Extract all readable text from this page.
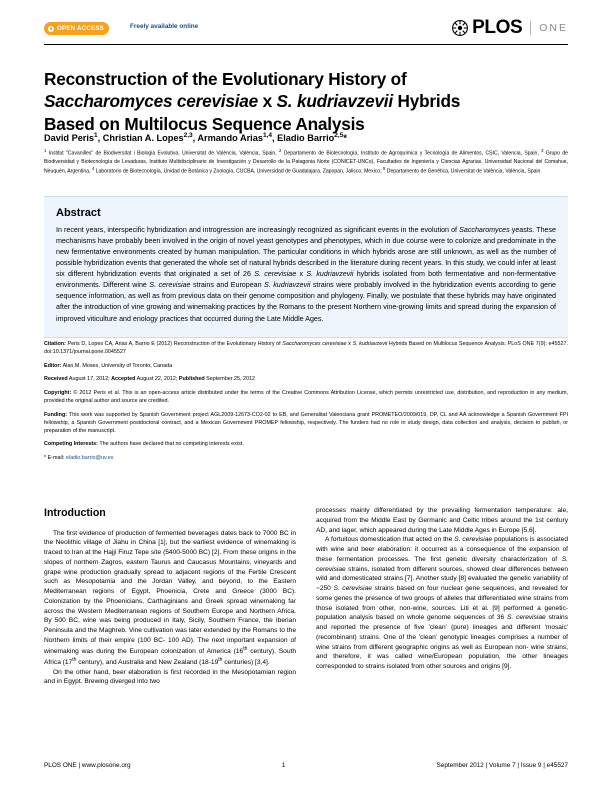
OPEN ACCESS	Freely available online	PLOS ONE
Reconstruction of the Evolutionary History of
Saccharomyces cerevisiae x S. kudriavzevii Hybrids
Based on Multilocus Sequence Analysis
David Peris$^1$, Christian A. Lopes$^{2,3}$, Armando Arias$^{1,4}$, Eladio Barrio$^{2,5}$*
$^1$ Institut "Cavanilles" de Biodiversitat i Biologia Evolutiva, Universitat de València, València, Spain, $^2$ Departamento de Biotecnología, Instituto de Agroquímica y Tecnología de Alimentos, CSIC, Valencia, Spain, $^3$ Grupo de Biodiversidad y Biotecnología de Levaduras, Instituto Multidisciplinario de Investigación y Desarrollo de la Patagonia Norte (CONICET-UNCo), Facultades de Ingeniería y Ciencias Agrarias, Universidad Nacional del Comahue, Neuquén, Argentina, $^4$ Laboratorio de Biotecnología, Unidad de Botánica y Zoología, CUCBA, Universidad de Guadalajara, Zapopan, Jalisco, Mexico, $^5$ Departamento de Genética, Universitat de València, València, Spain
Abstract
In recent years, interspecific hybridization and introgression are increasingly recognized as significant events in the evolution of Saccharomyces yeasts. These mechanisms have probably been involved in the origin of novel yeast genotypes and phenotypes, which in due course were to colonize and predominate in the new fermentative environments created by human manipulation. The particular conditions in which hybrids arose are still unknown, as well as the number of possible hybridization events that generated the whole set of natural hybrids described in the literature during recent years. In this study, we could infer at least six different hybridization events that originated a set of 26 S. cerevisiae x S. kudriavzevii hybrids isolated from both fermentative and non-fermentative environments. Different wine S. cerevisiae strains and European S. kudriavzevii strains were probably involved in the hybridization events according to gene sequence information, as well as from previous data on their genome composition and phylogeny. Finally, we postulate that these hybrids may have originated after the introduction of vine growing and winemaking practices by the Romans to the present Northern vine-growing limits and spread during the expansion of improved viticulture and enology practices that occurred during the Late Middle Ages.

Citation: Peris D, Lopes CA, Arias A, Barrio E (2012) Reconstruction of the Evolutionary History of Saccharomyces cerevisiae x S. kudriavzevii Hybrids Based on Multilocus Sequence Analysis. PLoS ONE 7(9): e45527. doi:10.1371/journal.pone.0045527

Editor: Alan M. Moses, University of Toronto, Canada

Received August 17, 2012; Accepted August 22, 2012; Published September 25, 2012

Copyright: © 2012 Peris et al. This is an open-access article distributed under the terms of the Creative Commons Attribution License, which permits unrestricted use, distribution, and reproduction in any medium, provided the original author and source are credited.

Funding: This work was supported by Spanish Government project AGL2009-12673-CO2-02 to EB, and Generalitat Valenciana grant PROMETEO/2009/019, DP, CL and AA acknowledge a Spanish Government FPI fellowship, a Spanish Government postdoctoral contract, and a Mexican Government PROMEP fellowship, respectively. The funders had no role in study design, data collection and analysis, decision to publish, or preparation of the manuscript.

Competing Interests: The authors have declared that no competing interests exist.

* E-mail: eladio.barrio@uv.es

Introduction

The first evidence of production of fermented beverages dates back to 7000 BC in the Neolithic village of Jiahu in China [1], but the earliest evidence of winemaking is traced to Iran at the Hajji Firuz Tepe site (5400-5000 BC) [2]. From these origins in the slopes of northern Zagros, eastern Taurus and Caucasus Mountains, vineyards and grape wine production gradually spread to adjacent regions of the Fertile Crescent such as Mesopotamia and the Jordan Valley, and beyond, to the Eastern Mediterranean regions of Egypt, Phoenicia, Crete and Greece (3000 BC). Colonization by the Phoenicians, Carthaginians and Greek spread winemaking far across the Western Mediterranean regions of Southern Europe and Northern Africa. By 500 BC, wine was being produced in Italy, Sicily, Southern France, the Iberian Peninsula and the Maghreb. Vine cultivation was later extended by the Romans to the Northern limits of their empire (100 BC- 100 AD). The next important expansion of winemaking was during the European colonization of America (16th century), South Africa (17th century), and Australia and New Zealand (18-19th centuries) [3,4].

On the other hand, beer elaboration is first recorded in the Mesopotamian region and in Egypt. Brewing diverged into two

processes mainly differentiated by the prevailing fermentation temperature: ale, acquired from the Middle East by Germanic and Celtic tribes around the 1st century AD, and lager, which appeared during the Late Middle Ages in Europe [5,6].

A fortuitous domestication that acted on the S. cerevisiae populations is associated with wine and beer elaboration: it occurred as a consequence of the expansion of these fermentation processes. The first genetic diversity characterization of S. cerevisiae strains, isolated from different sources, showed clear differences between wild and domesticated strains [7]. Another study [8] evaluated the genetic variability of ~250 S. cerevisiae strains based on four nuclear gene sequences, and revealed for some genes the presence of two groups of alleles that differentiated wine strains from those isolated from other, non-wine, sources. Liti et al. [9] performed a genetic-population analysis based on whole genome sequences of 36 S. cerevisiae strains and reported the presence of five 'clean' (pure) lineages and different 'mosaic' (recombinant) strains. One of the 'clean' genotypic lineages comprises a number of wine strains from different geographic origins as well as European non- wine strains, and therefore, it was called wine/European population, the other lineages corresponded to strains isolated from other sources and origins [9].

PLOS ONE | www.plosone.org	1	September 2012 | Volume 7 | Issue 9 | e45527
